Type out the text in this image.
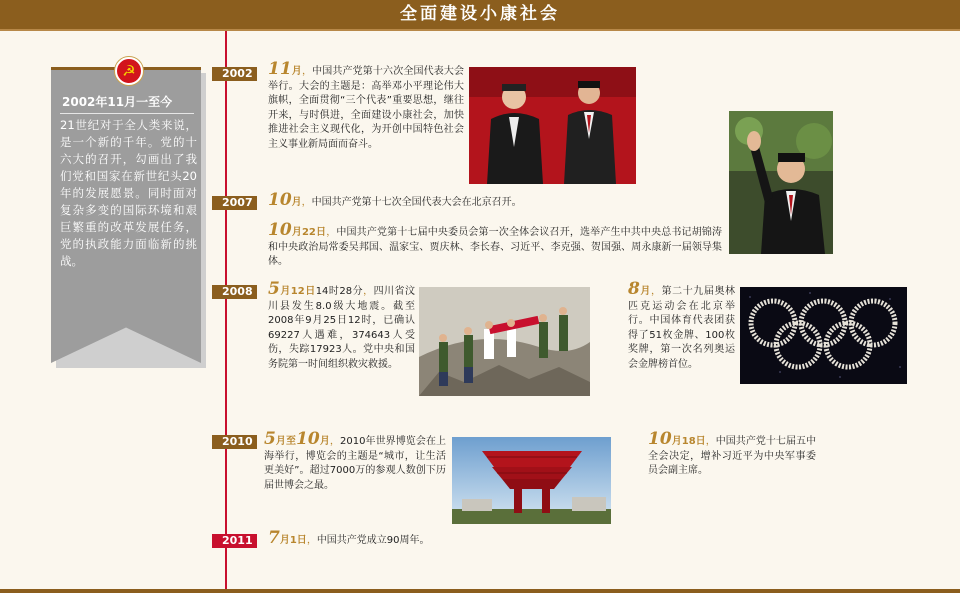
全面建设小康社会
☭
2002年11月一至今
21世纪对于全人类来说，是一个新的千年。党的十六大的召开，勾画出了我们党和国家在新世纪头20年的发展愿景。同时面对复杂多变的国际环境和艰巨繁重的改革发展任务，党的执政能力面临新的挑战。
2002
2007
2008
2010
2011
11月，中国共产党第十六次全国代表大会举行。大会的主题是：高举邓小平理论伟大旗帜，全面贯彻“三个代表”重要思想，继往开来，与时俱进，全面建设小康社会，加快推进社会主义现代化，为开创中国特色社会主义事业新局面而奋斗。
10月，中国共产党第十七次全国代表大会在北京召开。
10月22日，中国共产党第十七届中央委员会第一次全体会议召开，选举产生中共中央总书记胡锦涛和中央政治局常委吴邦国、温家宝、贾庆林、李长春、习近平、李克强、贺国强、周永康新一届领导集体。
5月12日14时28分，四川省汶川县发生8.0级大地震。截至2008年9月25日12时，已确认69227人遇难，374643人受伤，失踪17923人。党中央和国务院第一时间组织救灾救援。
8月，第二十九届奥林匹克运动会在北京举行。中国体育代表团获得了51枚金牌、100枚奖牌，第一次名列奥运会金牌榜首位。
5月至10月，2010年世界博览会在上海举行，博览会的主题是“城市，让生活更美好”。超过7000万的参观人数创下历届世博会之最。
10月18日，中国共产党十七届五中全会决定，增补习近平为中央军事委员会副主席。
7月1日，中国共产党成立90周年。
